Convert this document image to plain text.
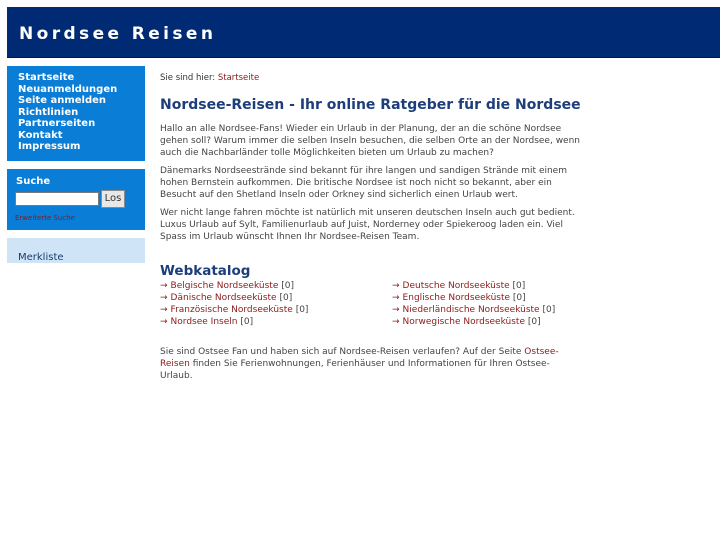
Nordsee Reisen
Startseite
Neuanmeldungen
Seite anmelden
Richtlinien
Partnerseiten
Kontakt
Impressum
Suche
Los
Erweiterte Suche
Merkliste
Sie sind hier: Startseite
Nordsee-Reisen - Ihr online Ratgeber für die Nordsee

Hallo an alle Nordsee-Fans! Wieder ein Urlaub in der Planung, der an die schöne Nordsee gehen soll? Warum immer die selben Inseln besuchen, die selben Orte an der Nordsee, wenn auch die Nachbarländer tolle Möglichkeiten bieten um Urlaub zu machen?

Dänemarks Nordseestrände sind bekannt für ihre langen und sandigen Strände mit einem hohen Bernstein aufkommen. Die britische Nordsee ist noch nicht so bekannt, aber ein Besucht auf den Shetland Inseln oder Orkney sind sicherlich einen Urlaub wert.

Wer nicht lange fahren möchte ist natürlich mit unseren deutschen Inseln auch gut bedient. Luxus Urlaub auf Sylt, Familienurlaub auf Juist, Norderney oder Spiekeroog laden ein. Viel Spass im Urlaub wünscht Ihnen Ihr Nordsee-Reisen Team.

Webkatalog
→ Belgische Nordseeküste [0]
→ Dänische Nordseeküste [0]
→ Französische Nordseeküste [0]
→ Nordsee Inseln [0]
→ Deutsche Nordseeküste [0]
→ Englische Nordseeküste [0]
→ Niederländische Nordseeküste [0]
→ Norwegische Nordseeküste [0]

Sie sind Ostsee Fan und haben sich auf Nordsee-Reisen verlaufen? Auf der Seite Ostsee-Reisen finden Sie Ferienwohnungen, Ferienhäuser und Informationen für Ihren Ostsee-Urlaub.
